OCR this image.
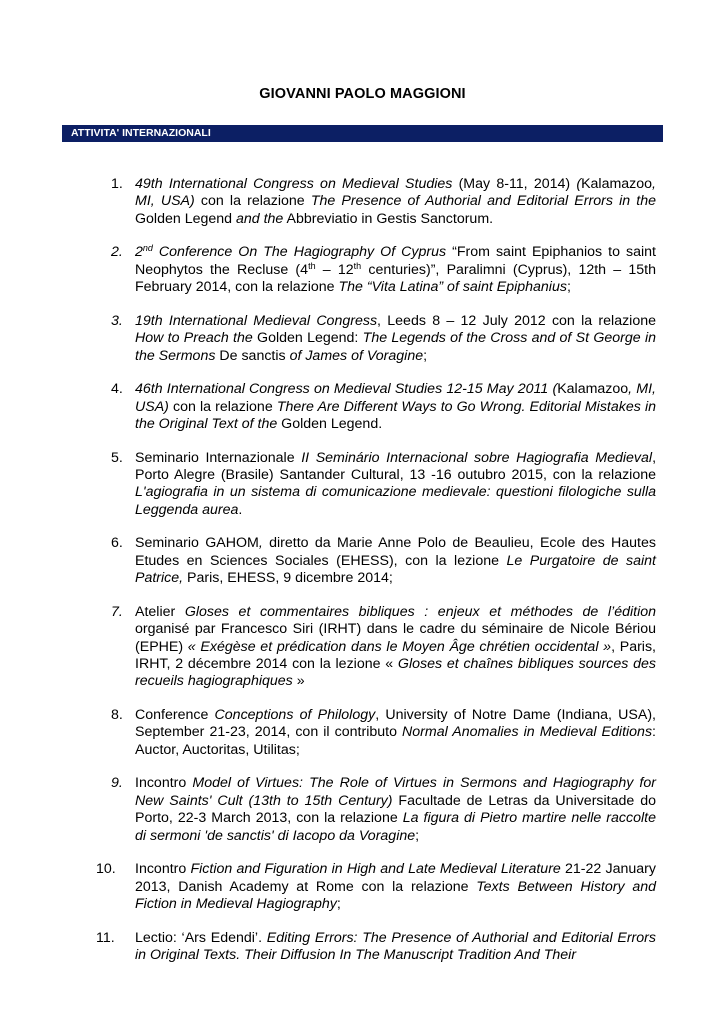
GIOVANNI PAOLO MAGGIONI
ATTIVITA' INTERNAZIONALI
1. 49th International Congress on Medieval Studies (May 8-11, 2014) (Kalamazoo, MI, USA) con la relazione The Presence of Authorial and Editorial Errors in the Golden Legend and the Abbreviatio in Gestis Sanctorum.
2. 2nd Conference On The Hagiography Of Cyprus “From saint Epiphanios to saint Neophytos the Recluse (4th – 12th centuries)”, Paralimni (Cyprus), 12th – 15th February 2014, con la relazione The “Vita Latina” of saint Epiphanius;
3. 19th International Medieval Congress, Leeds 8 – 12 July 2012 con la relazione How to Preach the Golden Legend: The Legends of the Cross and of St George in the Sermons De sanctis of James of Voragine;
4. 46th International Congress on Medieval Studies 12-15 May 2011 (Kalamazoo, MI, USA) con la relazione There Are Different Ways to Go Wrong. Editorial Mistakes in the Original Text of the Golden Legend.
5. Seminario Internazionale II Seminário Internacional sobre Hagiografia Medieval, Porto Alegre (Brasile) Santander Cultural, 13 -16 outubro 2015, con la relazione L'agiografia in un sistema di comunicazione medievale: questioni filologiche sulla Leggenda aurea.
6. Seminario GAHOM, diretto da Marie Anne Polo de Beaulieu, Ecole des Hautes Etudes en Sciences Sociales (EHESS), con la lezione Le Purgatoire de saint Patrice, Paris, EHESS, 9 dicembre 2014;
7. Atelier Gloses et commentaires bibliques : enjeux et méthodes de l’édition organisé par Francesco Siri (IRHT) dans le cadre du séminaire de Nicole Bériou (EPHE) « Exégèse et prédication dans le Moyen Âge chrétien occidental », Paris, IRHT, 2 décembre 2014 con la lezione « Gloses et chaînes bibliques sources des recueils hagiographiques »
8. Conference Conceptions of Philology, University of Notre Dame (Indiana, USA), September 21-23, 2014, con il contributo Normal Anomalies in Medieval Editions: Auctor, Auctoritas, Utilitas;
9. Incontro Model of Virtues: The Role of Virtues in Sermons and Hagiography for New Saints' Cult (13th to 15th Century) Facultade de Letras da Universitade do Porto, 22-3 March 2013, con la relazione La figura di Pietro martire nelle raccolte di sermoni 'de sanctis' di Iacopo da Voragine;
10. Incontro Fiction and Figuration in High and Late Medieval Literature 21-22 January 2013, Danish Academy at Rome con la relazione Texts Between History and Fiction in Medieval Hagiography;
11. Lectio: ‘Ars Edendi’. Editing Errors: The Presence of Authorial and Editorial Errors in Original Texts. Their Diffusion In The Manuscript Tradition And Their
